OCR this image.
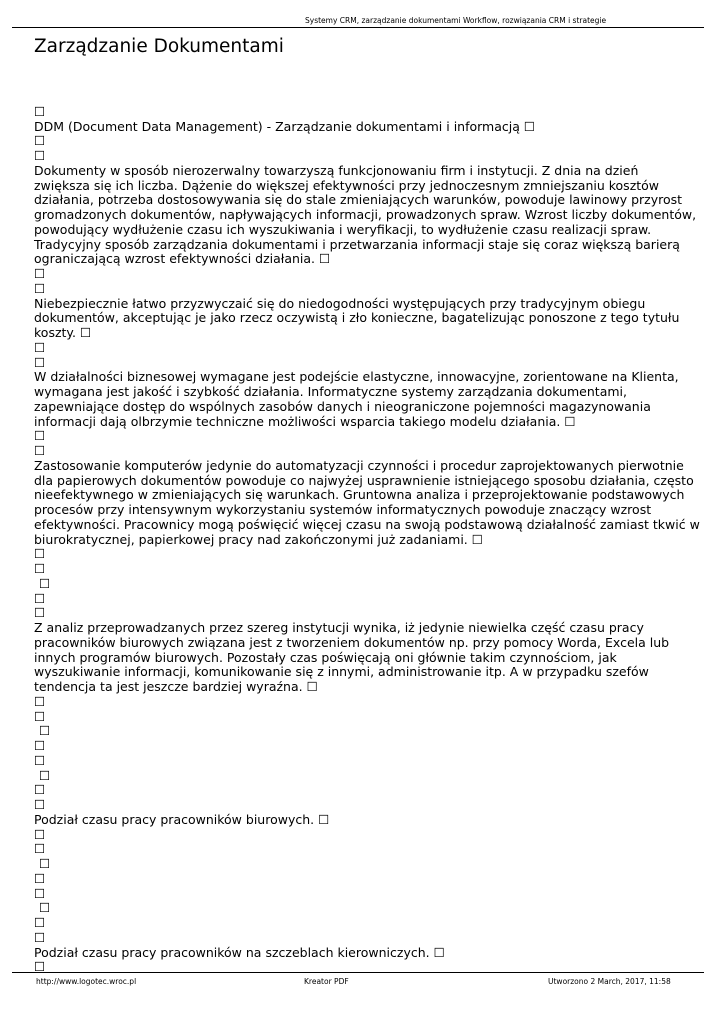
Systemy CRM, zarządzanie dokumentami Workflow, rozwiązania CRM i strategie
Zarządzanie Dokumentami
☐
DDM (Document Data Management) - Zarządzanie dokumentami i informacją ☐
☐
☐
Dokumenty w sposób nierozerwalny towarzyszą funkcjonowaniu firm i instytucji. Z dnia na dzień
zwiększa się ich liczba. Dążenie do większej efektywności przy jednoczesnym zmniejszaniu kosztów
działania, potrzeba dostosowywania się do stale zmieniających warunków, powoduje lawinowy przyrost
gromadzonych dokumentów, napływających informacji, prowadzonych spraw. Wzrost liczby dokumentów,
powodujący wydłużenie czasu ich wyszukiwania i weryfikacji, to wydłużenie czasu realizacji spraw.
Tradycyjny sposób zarządzania dokumentami i przetwarzania informacji staje się coraz większą barierą
ograniczającą wzrost efektywności działania. ☐
☐
☐
Niebezpiecznie łatwo przyzwyczaić się do niedogodności występujących przy tradycyjnym obiegu
dokumentów, akceptując je jako rzecz oczywistą i zło konieczne, bagatelizując ponoszone z tego tytułu
koszty. ☐
☐
☐
W działalności biznesowej wymagane jest podejście elastyczne, innowacyjne, zorientowane na Klienta,
wymagana jest jakość i szybkość działania. Informatyczne systemy zarządzania dokumentami,
zapewniające dostęp do wspólnych zasobów danych i nieograniczone pojemności magazynowania
informacji dają olbrzymie techniczne możliwości wsparcia takiego modelu działania. ☐
☐
☐
Zastosowanie komputerów jedynie do automatyzacji czynności i procedur zaprojektowanych pierwotnie
dla papierowych dokumentów powoduje co najwyżej usprawnienie istniejącego sposobu działania, często
nieefektywnego w zmieniających się warunkach. Gruntowna analiza i przeprojektowanie podstawowych
procesów przy intensywnym wykorzystaniu systemów informatycznych powoduje znaczący wzrost
efektywności. Pracownicy mogą poświęcić więcej czasu na swoją podstawową działalność zamiast tkwić w
biurokratycznej, papierkowej pracy nad zakończonymi już zadaniami. ☐
☐
☐
☐
☐
☐
Z analiz przeprowadzanych przez szereg instytucji wynika, iż jedynie niewielka część czasu pracy
pracowników biurowych związana jest z tworzeniem dokumentów np. przy pomocy Worda, Excela lub
innych programów biurowych. Pozostały czas poświęcają oni głównie takim czynnościom, jak
wyszukiwanie informacji, komunikowanie się z innymi, administrowanie itp. A w przypadku szefów
tendencja ta jest jeszcze bardziej wyraźna. ☐
☐
☐
☐
☐
☐
☐
☐
☐
Podział czasu pracy pracowników biurowych. ☐
☐
☐
☐
☐
☐
☐
☐
☐
Podział czasu pracy pracowników na szczeblach kierowniczych. ☐
☐
http://www.logotec.wroc.pl	Kreator PDF	Utworzono 2 March, 2017, 11:58
